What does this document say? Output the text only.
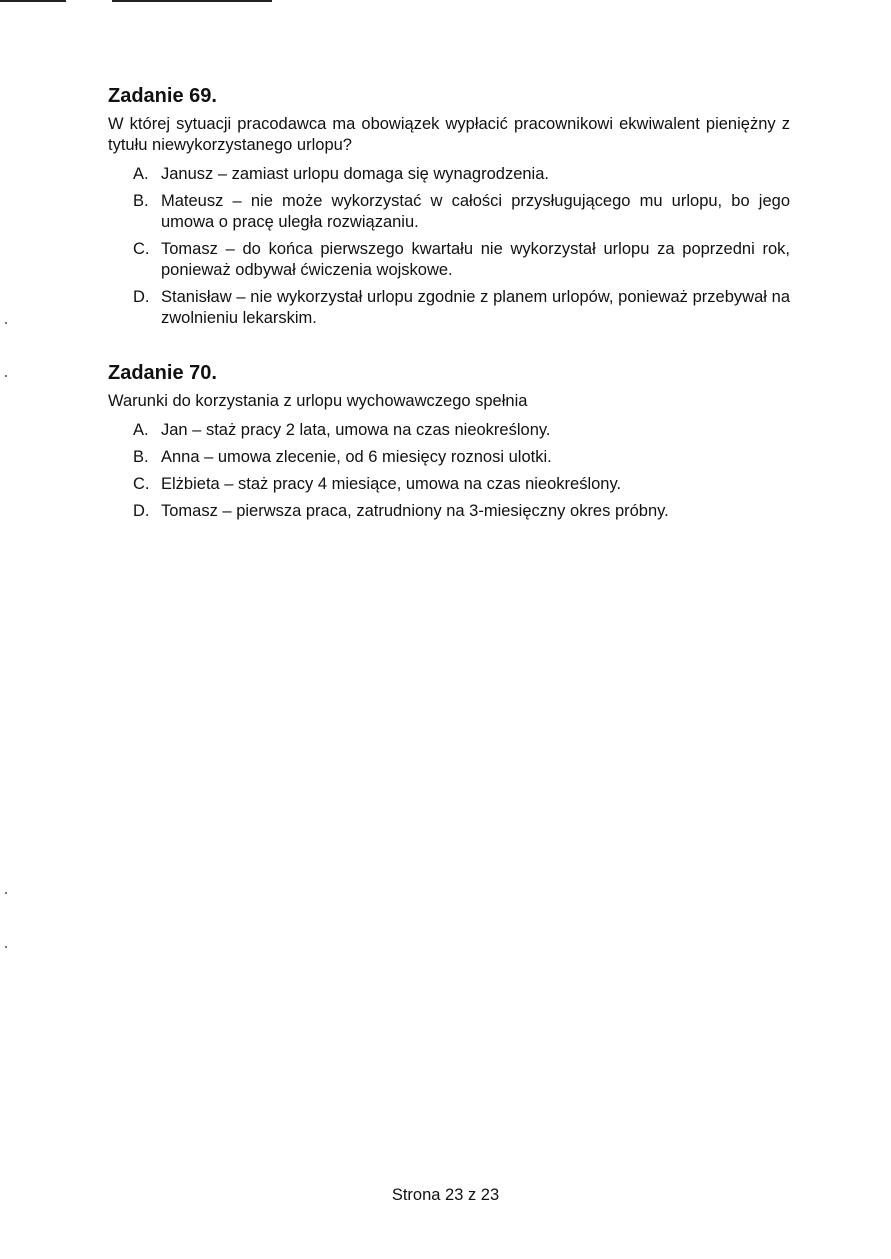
Zadanie 69.

W której sytuacji pracodawca ma obowiązek wypłacić pracownikowi ekwiwalent pieniężny z tytułu niewykorzystanego urlopu?

A. Janusz – zamiast urlopu domaga się wynagrodzenia.
B. Mateusz – nie może wykorzystać w całości przysługującego mu urlopu, bo jego umowa o pracę uległa rozwiązaniu.
C. Tomasz – do końca pierwszego kwartału nie wykorzystał urlopu za poprzedni rok, ponieważ odbywał ćwiczenia wojskowe.
D. Stanisław – nie wykorzystał urlopu zgodnie z planem urlopów, ponieważ przebywał na zwolnieniu lekarskim.
Zadanie 70.

Warunki do korzystania z urlopu wychowawczego spełnia

A. Jan – staż pracy 2 lata, umowa na czas nieokreślony.
B. Anna – umowa zlecenie, od 6 miesięcy roznosi ulotki.
C. Elżbieta – staż pracy 4 miesiące, umowa na czas nieokreślony.
D. Tomasz – pierwsza praca, zatrudniony na 3-miesięczny okres próbny.
Strona 23 z 23
